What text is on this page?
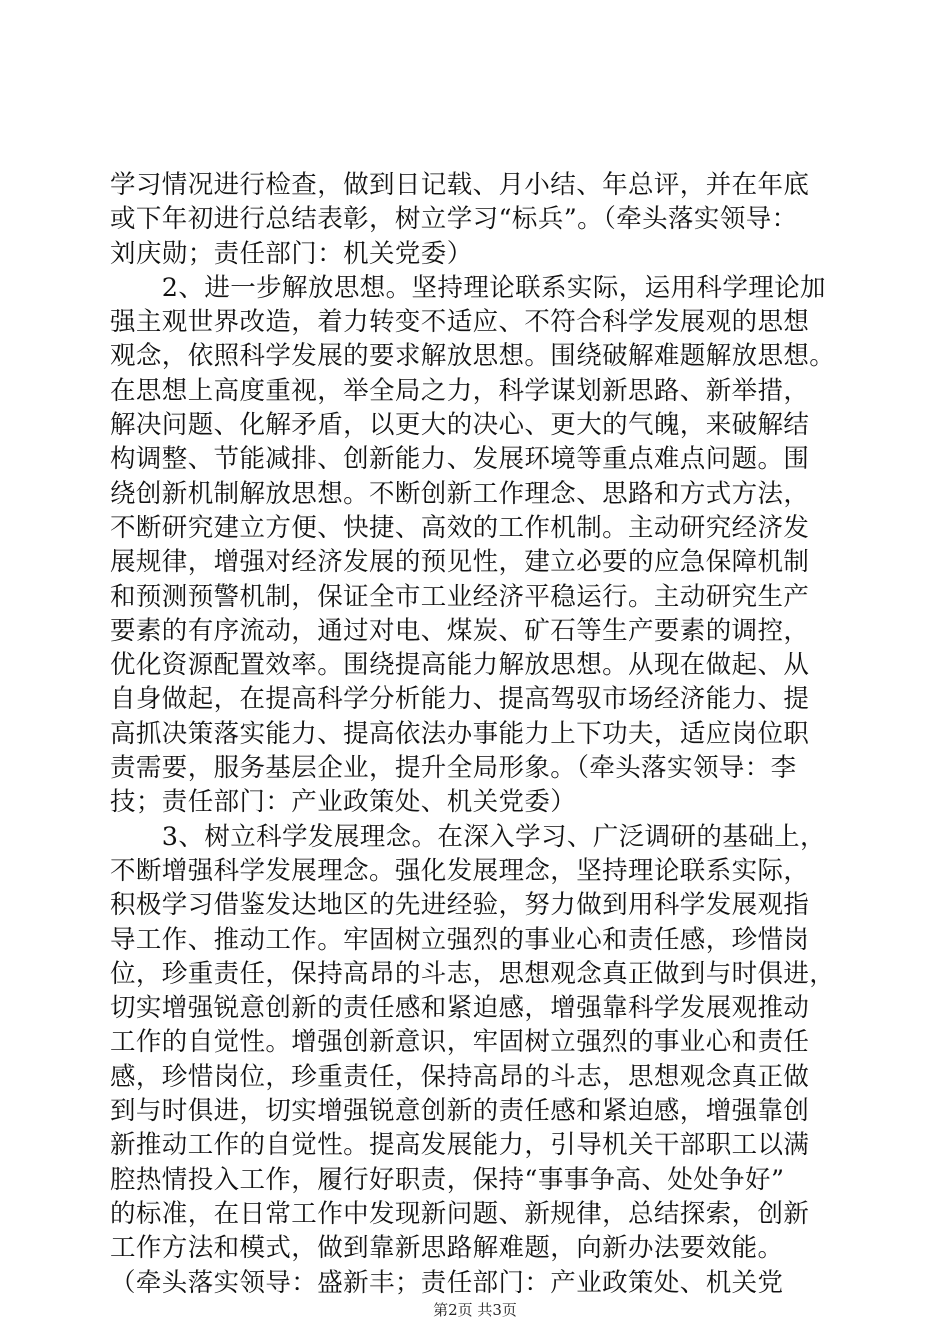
学习情况进行检查，做到日记载、月小结、年总评，并在年底
或下年初进行总结表彰，树立学习“标兵”。（牵头落实领导：
刘庆勋；责任部门：机关党委）
　　2、进一步解放思想。坚持理论联系实际，运用科学理论加
强主观世界改造，着力转变不适应、不符合科学发展观的思想
观念，依照科学发展的要求解放思想。围绕破解难题解放思想。
在思想上高度重视，举全局之力，科学谋划新思路、新举措，
解决问题、化解矛盾，以更大的决心、更大的气魄，来破解结
构调整、节能减排、创新能力、发展环境等重点难点问题。围
绕创新机制解放思想。不断创新工作理念、思路和方式方法，
不断研究建立方便、快捷、高效的工作机制。主动研究经济发
展规律，增强对经济发展的预见性，建立必要的应急保障机制
和预测预警机制，保证全市工业经济平稳运行。主动研究生产
要素的有序流动，通过对电、煤炭、矿石等生产要素的调控，
优化资源配置效率。围绕提高能力解放思想。从现在做起、从
自身做起，在提高科学分析能力、提高驾驭市场经济能力、提
高抓决策落实能力、提高依法办事能力上下功夫，适应岗位职
责需要，服务基层企业，提升全局形象。（牵头落实领导：李
技；责任部门：产业政策处、机关党委）
　　3、树立科学发展理念。在深入学习、广泛调研的基础上，
不断增强科学发展理念。强化发展理念，坚持理论联系实际，
积极学习借鉴发达地区的先进经验，努力做到用科学发展观指
导工作、推动工作。牢固树立强烈的事业心和责任感，珍惜岗
位，珍重责任，保持高昂的斗志，思想观念真正做到与时俱进，
切实增强锐意创新的责任感和紧迫感，增强靠科学发展观推动
工作的自觉性。增强创新意识，牢固树立强烈的事业心和责任
感，珍惜岗位，珍重责任，保持高昂的斗志，思想观念真正做
到与时俱进，切实增强锐意创新的责任感和紧迫感，增强靠创
新推动工作的自觉性。提高发展能力，引导机关干部职工以满
腔热情投入工作，履行好职责，保持“事事争高、处处争好”
的标准，在日常工作中发现新问题、新规律，总结探索，创新
工作方法和模式，做到靠新思路解难题，向新办法要效能。
（牵头落实领导：盛新丰；责任部门：产业政策处、机关党
第2页 共3页
